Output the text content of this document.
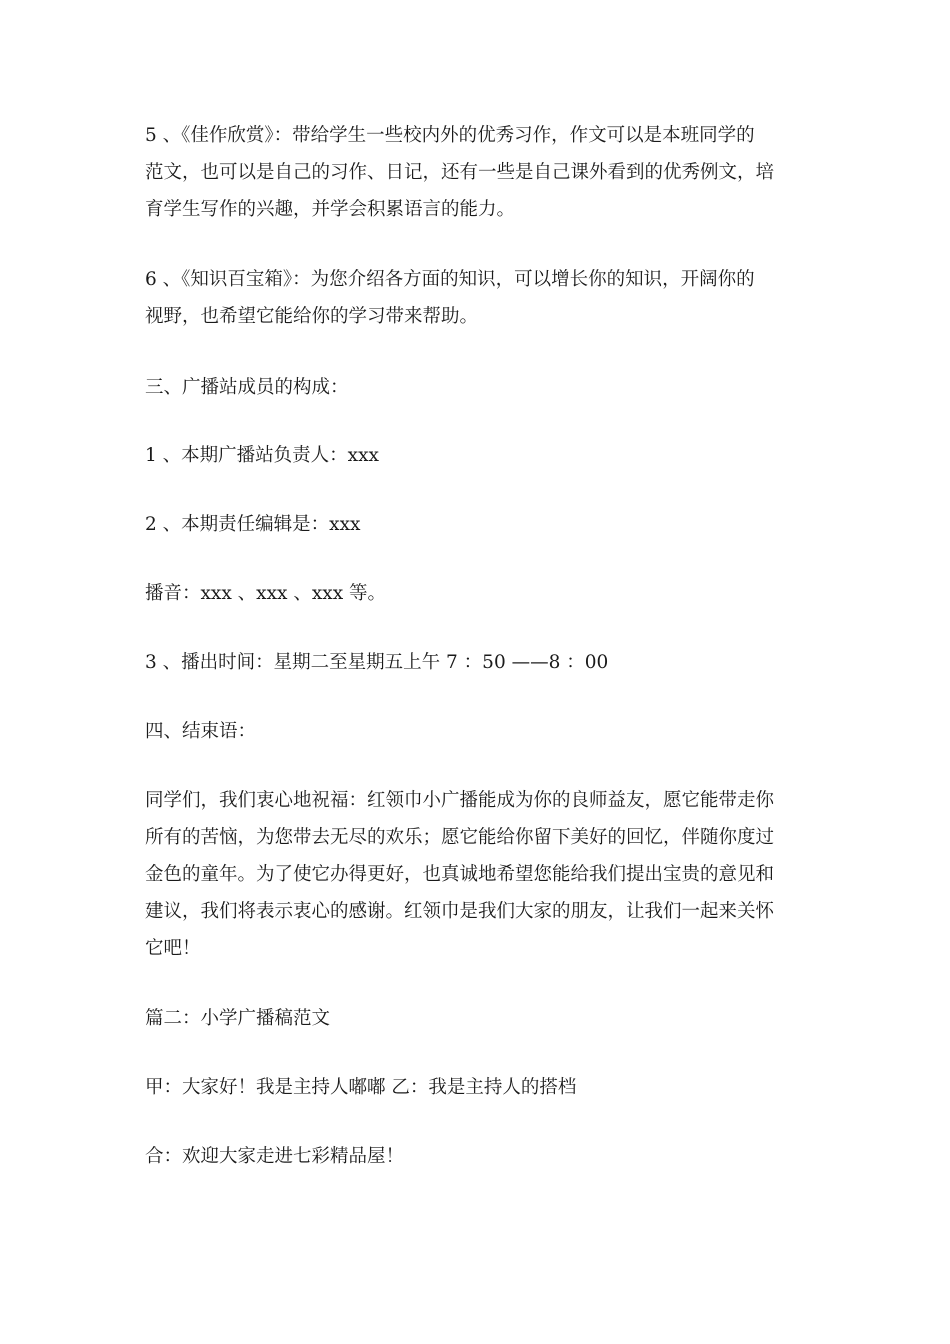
5 、《佳作欣赏》：带给学生一些校内外的优秀习作，作文可以是本班同学的
范文，也可以是自己的习作、日记，还有一些是自己课外看到的优秀例文，培
育学生写作的兴趣，并学会积累语言的能力。
6 、《知识百宝箱》：为您介绍各方面的知识，可以增长你的知识，开阔你的
视野，也希望它能给你的学习带来帮助。
三、广播站成员的构成：
1 、本期广播站负责人：xxx
2 、本期责任编辑是：xxx
播音：xxx 、xxx 、xxx 等。
3 、播出时间：星期二至星期五上午 7 ：50 ——8 ：00
四、结束语：
同学们，我们衷心地祝福：红领巾小广播能成为你的良师益友，愿它能带走你
所有的苦恼，为您带去无尽的欢乐；愿它能给你留下美好的回忆，伴随你度过
金色的童年。为了使它办得更好，也真诚地希望您能给我们提出宝贵的意见和
建议，我们将表示衷心的感谢。红领巾是我们大家的朋友，让我们一起来关怀
它吧！
篇二：小学广播稿范文
甲：大家好！我是主持人嘟嘟 乙：我是主持人的搭档
合：欢迎大家走进七彩精品屋！
